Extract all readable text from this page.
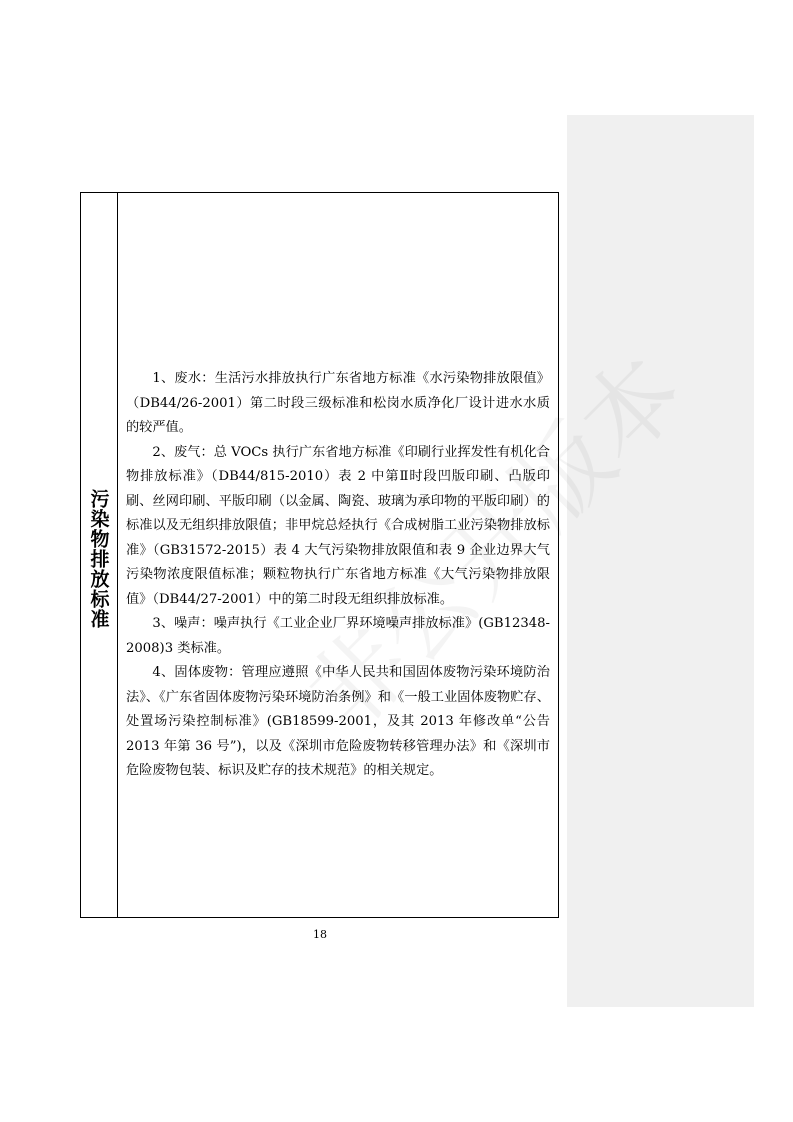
污染物排放标准

1、废水：生活污水排放执行广东省地方标准《水污染物排放限值》（DB44/26-2001）第二时段三级标准和松岗水质净化厂设计进水水质的较严值。

2、废气：总 VOCs 执行广东省地方标准《印刷行业挥发性有机化合物排放标准》（DB44/815-2010）表 2 中第Ⅱ时段凹版印刷、凸版印刷、丝网印刷、平版印刷（以金属、陶瓷、玻璃为承印物的平版印刷）的标准以及无组织排放限值；非甲烷总烃执行《合成树脂工业污染物排放标准》（GB31572-2015）表 4 大气污染物排放限值和表 9 企业边界大气污染物浓度限值标准；颗粒物执行广东省地方标准《大气污染物排放限值》（DB44/27-2001）中的第二时段无组织排放标准。

3、噪声：噪声执行《工业企业厂界环境噪声排放标准》(GB12348-2008)3 类标准。

4、固体废物：管理应遵照《中华人民共和国固体废物污染环境防治法》、《广东省固体废物污染环境防治条例》和《一般工业固体废物贮存、处置场污染控制标准》(GB18599-2001，及其 2013 年修改单“公告 2013 年第 36 号”)，以及《深圳市危险废物转移管理办法》和《深圳市危险废物包装、标识及贮存的技术规范》的相关规定。

18
